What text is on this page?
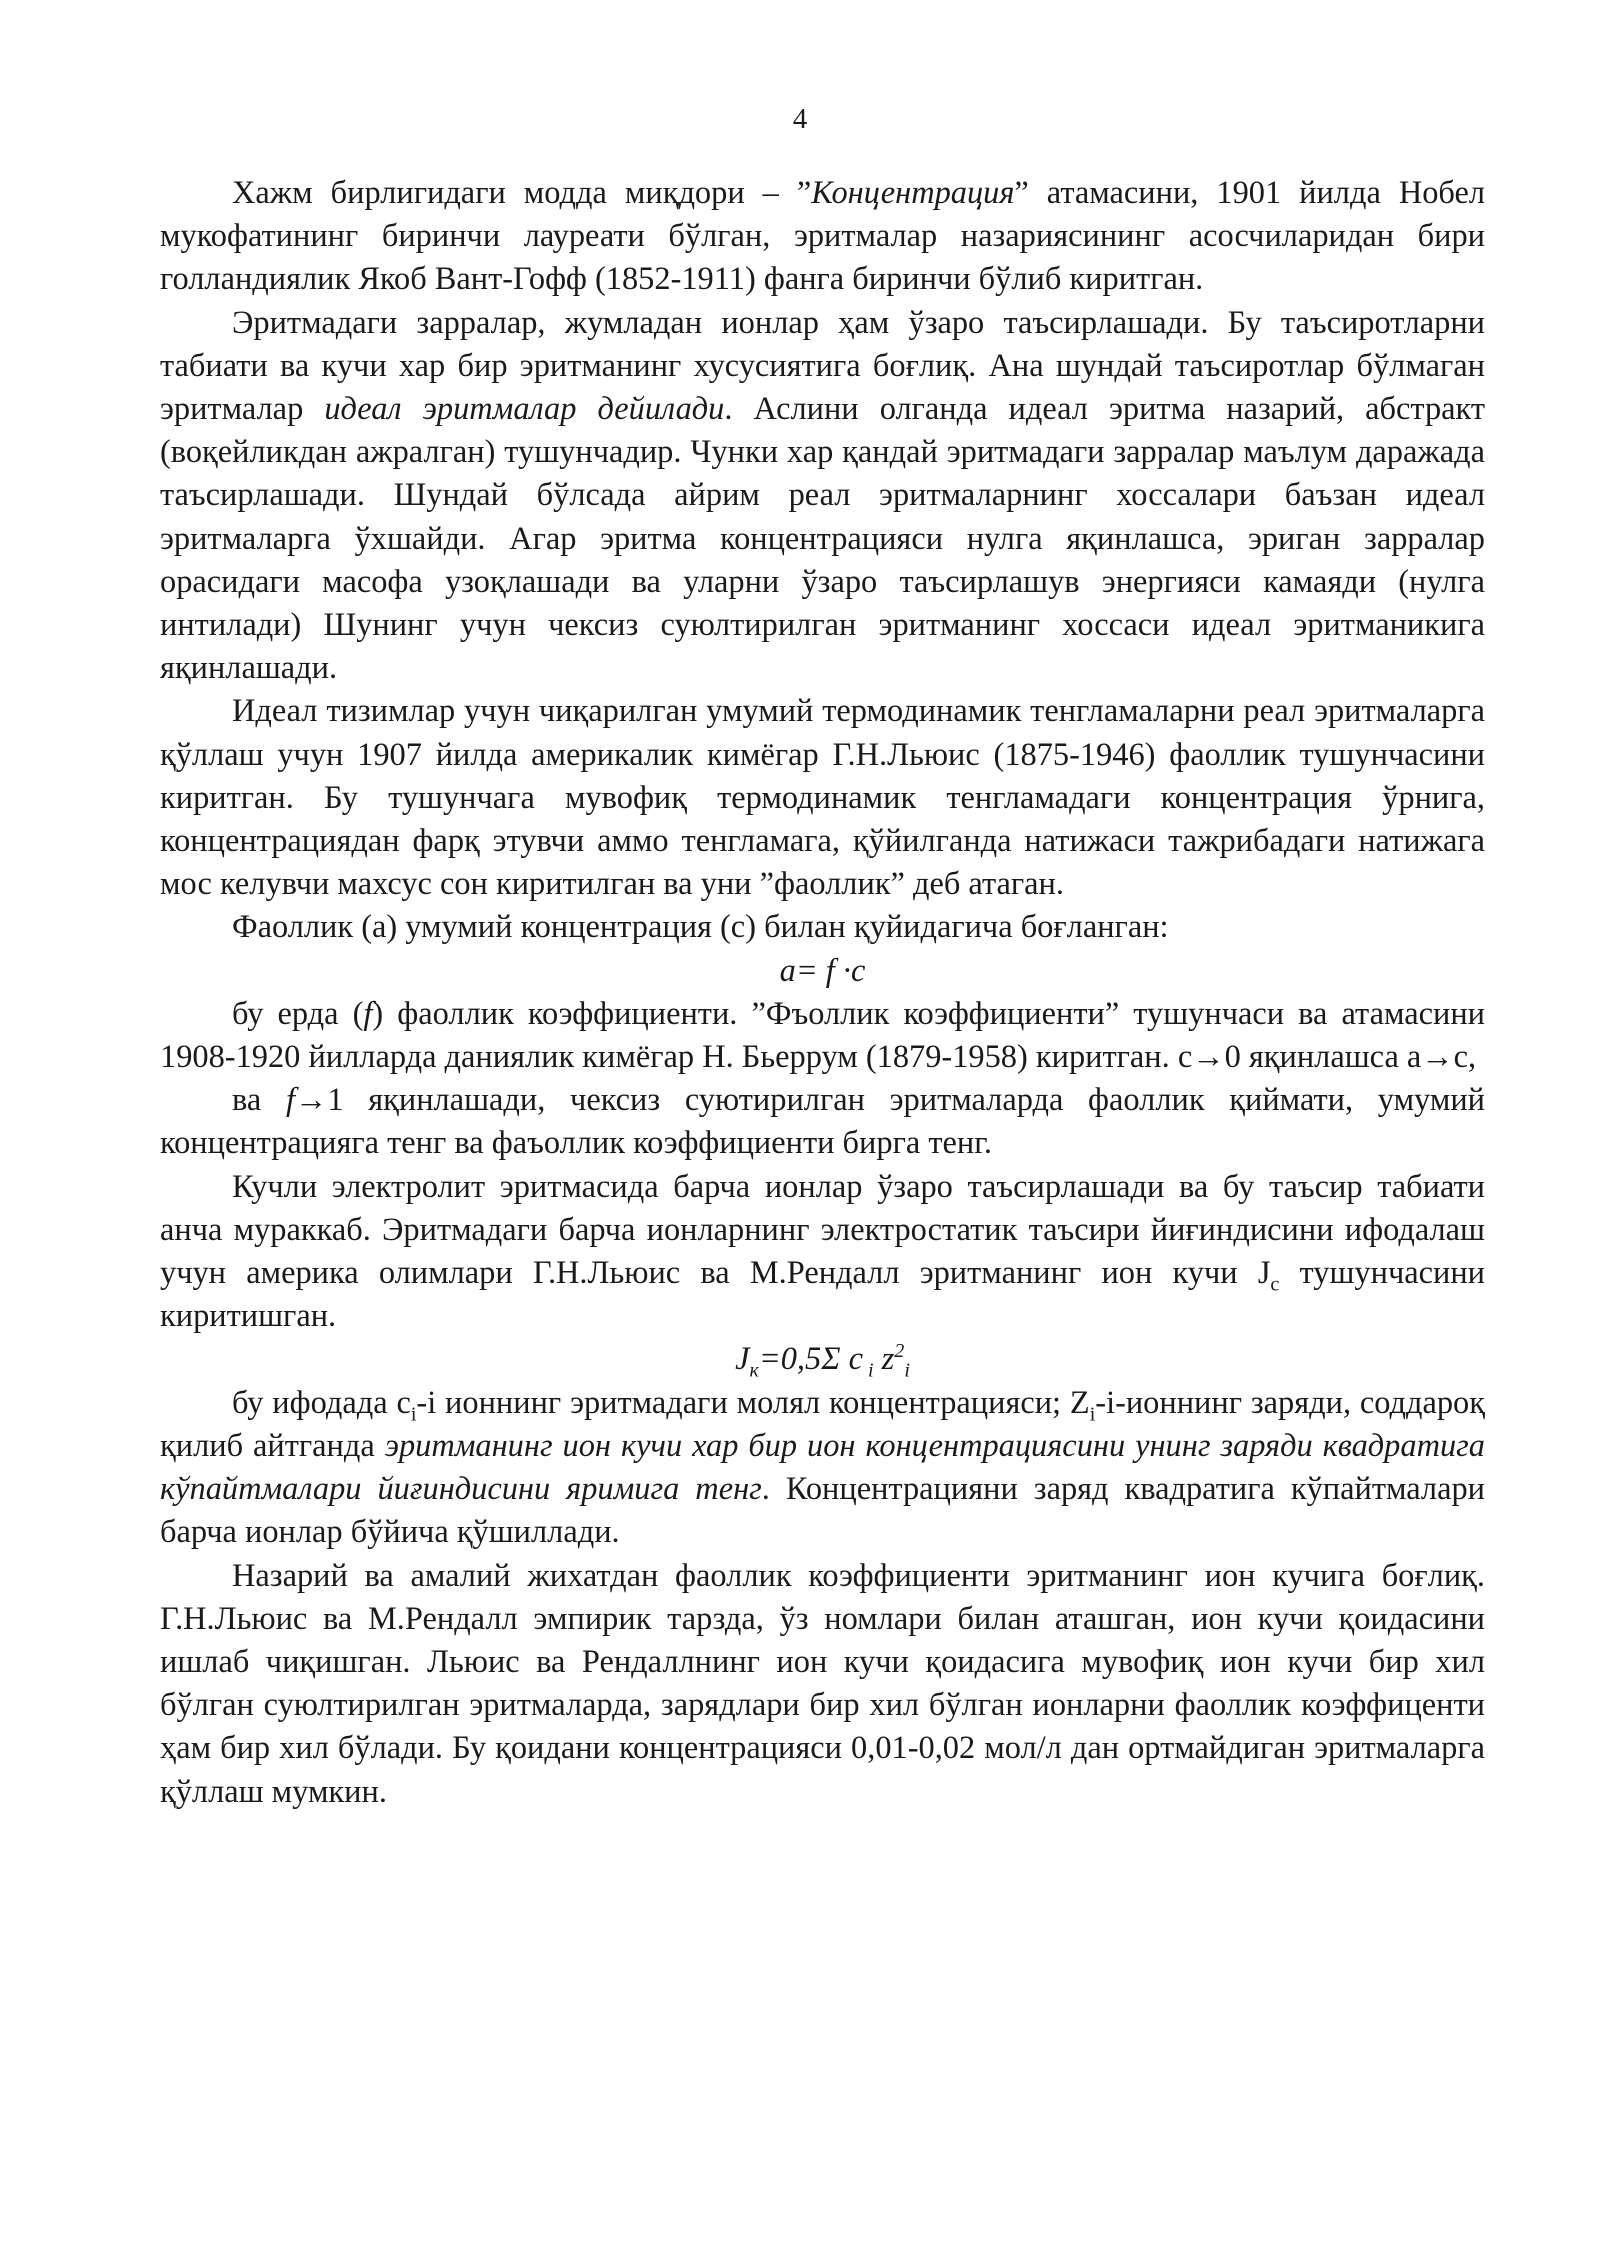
4

Хажм бирлигидаги модда миқдори – ”Концентрация” атамасини, 1901 йилда Нобел мукофатининг биринчи лауреати бўлган, эритмалар назариясининг асосчиларидан бири голландиялик Якоб Вант-Гофф (1852-1911) фанга биринчи бўлиб киритган.

Эритмадаги зарралар, жумладан ионлар ҳам ўзаро таъсирлашади. Бу таъсиротларни табиати ва кучи хар бир эритманинг хусусиятига боғлиқ. Ана шундай таъсиротлар бўлмаган эритмалар идеал эритмалар дейилади. Аслини олганда идеал эритма назарий, абстракт (воқейликдан ажралган) тушунчадир. Чунки хар қандай эритмадаги зарралар маълум даражада таъсирлашади. Шундай бўлсада айрим реал эритмаларнинг хоссалари баъзан идеал эритмаларга ўхшайди. Агар эритма концентрацияси нулга яқинлашса, эриган зарралар орасидаги масофа узоқлашади ва уларни ўзаро таъсирлашув энергияси камаяди (нулга интилади) Шунинг учун чексиз суюлтирилган эритманинг хоссаси идеал эритманикига яқинлашади.

Идеал тизимлар учун чиқарилган умумий термодинамик тенгламаларни реал эритмаларга қўллаш учун 1907 йилда америкалик кимёгар Г.Н.Льюис (1875-1946) фаоллик тушунчасини киритган. Бу тушунчага мувофиқ термодинамик тенгламадаги концентрация ўрнига, концентрациядан фарқ этувчи аммо тенгламага, қўйилганда натижаси тажрибадаги натижага мос келувчи махсус сон киритилган ва уни ”фаоллик” деб атаган.

Фаоллик (а) умумий концентрация (с) билан қуйидагича боғланган:

a= f ·c

бу ерда (f) фаоллик коэффициенти. ”Фъоллик коэффициенти” тушунчаси ва атамасини 1908-1920 йилларда даниялик кимёгар Н. Бьеррум (1879-1958) киритган. с→0 яқинлашса а→с,

ва f→1 яқинлашади, чексиз суютирилган эритмаларда фаоллик қиймати, умумий концентрацияга тенг ва фаъоллик коэффициенти бирга тенг.

Кучли электролит эритмасида барча ионлар ўзаро таъсирлашади ва бу таъсир табиати анча мураккаб. Эритмадаги барча ионларнинг электростатик таъсири йиғиндисини ифодалаш учун америка олимлари Г.Н.Льюис ва М.Рендалл эритманинг ион кучи $J_c$ тушунчасини киритишган.

$J_к=0,5\Sigma$ c $_i$ $z^2_i$

бу ифодада $c_i-i$ ионнинг эритмадаги молял концентрацияси; $Z_i-i$-ионнинг заряди, соддароқ қилиб айтганда эритманинг ион кучи хар бир ион концентрациясини унинг заряди квадратига кўпайтмалари йиғиндисини яримига тенг. Концентрацияни заряд квадратига кўпайтмалари барча ионлар бўйича қўшиллади.

Назарий ва амалий жихатдан фаоллик коэффициенти эритманинг ион кучига боғлиқ. Г.Н.Льюис ва М.Рендалл эмпирик тарзда, ўз номлари билан аташган, ион кучи қоидасини ишлаб чиқишган. Льюис ва Рендаллнинг ион кучи қоидасига мувофиқ ион кучи бир хил бўлган суюлтирилган эритмаларда, зарядлари бир хил бўлган ионларни фаоллик коэффиценти ҳам бир хил бўлади. Бу қоидани концентрацияси 0,01-0,02 мол/л дан ортмайдиган эритмаларга қўллаш мумкин.
